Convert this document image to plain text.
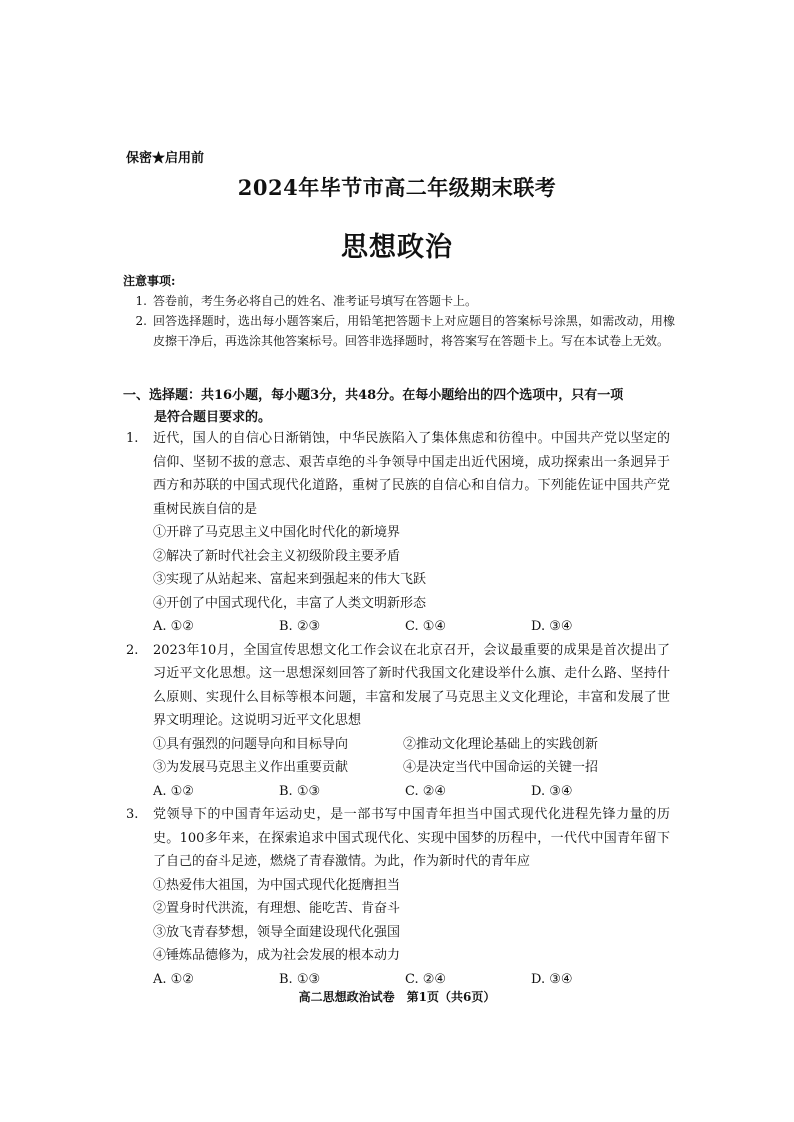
保密★启用前
2024年毕节市高二年级期末联考
思想政治
注意事项:
1. 答卷前，考生务必将自己的姓名、准考证号填写在答题卡上。
2. 回答选择题时，选出每小题答案后，用铅笔把答题卡上对应题目的答案标号涂黑，如需改动，用橡皮擦干净后，再选涂其他答案标号。回答非选择题时，将答案写在答题卡上。写在本试卷上无效。
一、选择题：共16小题，每小题3分，共48分。在每小题给出的四个选项中，只有一项
是符合题目要求的。
1.	近代，国人的自信心日渐销蚀，中华民族陷入了集体焦虑和彷徨中。中国共产党以坚定的信仰、坚韧不拔的意志、艰苦卓绝的斗争领导中国走出近代困境，成功探索出一条迥异于西方和苏联的中国式现代化道路，重树了民族的自信心和自信力。下列能佐证中国共产党重树民族自信的是
①开辟了马克思主义中国化时代化的新境界
②解决了新时代社会主义初级阶段主要矛盾
③实现了从站起来、富起来到强起来的伟大飞跃
④开创了中国式现代化，丰富了人类文明新形态
A. ①②	B. ②③	C. ①④	D. ③④
2.	2023年10月，全国宣传思想文化工作会议在北京召开，会议最重要的成果是首次提出了习近平文化思想。这一思想深刻回答了新时代我国文化建设举什么旗、走什么路、坚持什么原则、实现什么目标等根本问题，丰富和发展了马克思主义文化理论，丰富和发展了世界文明理论。这说明习近平文化思想
①具有强烈的问题导向和目标导向	②推动文化理论基础上的实践创新
③为发展马克思主义作出重要贡献	④是决定当代中国命运的关键一招
A. ①②	B. ①③	C. ②④	D. ③④
3.	党领导下的中国青年运动史，是一部书写中国青年担当中国式现代化进程先锋力量的历史。100多年来，在探索追求中国式现代化、实现中国梦的历程中，一代代中国青年留下了自己的奋斗足迹，燃烧了青春激情。为此，作为新时代的青年应
①热爱伟大祖国，为中国式现代化挺膺担当
②置身时代洪流，有理想、能吃苦、肯奋斗
③放飞青春梦想，领导全面建设现代化强国
④锤炼品德修为，成为社会发展的根本动力
A. ①②	B. ①③	C. ②④	D. ③④
高二思想政治试卷　第1页（共6页）
